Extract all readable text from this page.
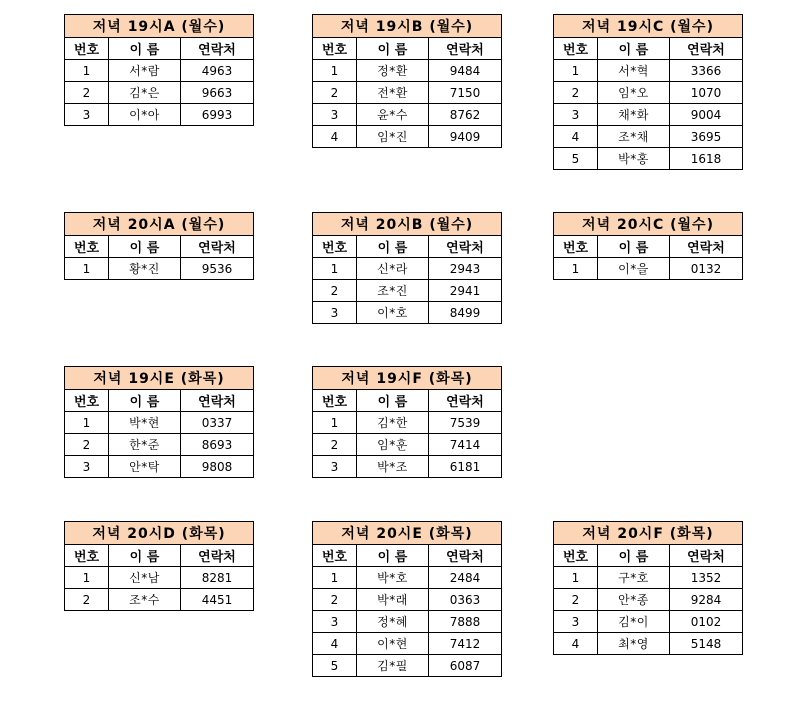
저녁 19시A (월수)		
번호	이 름	연락처
1	서*람	4963
2	김*은	9663
3	이*아	6993
저녁 19시B (월수)		
번호	이 름	연락처
1	정*환	9484
2	전*환	7150
3	윤*수	8762
4	임*진	9409
저녁 19시C (월수)		
번호	이 름	연락처
1	서*혁	3366
2	임*오	1070
3	채*화	9004
4	조*채	3695
5	박*홍	1618
저녁 20시A (월수)		
번호	이 름	연락처
1	황*진	9536
저녁 20시B (월수)		
번호	이 름	연락처
1	신*라	2943
2	조*진	2941
3	이*호	8499
저녁 20시C (월수)		
번호	이 름	연락처
1	이*을	0132
저녁 19시E (화목)		
번호	이 름	연락처
1	박*현	0337
2	한*준	8693
3	안*탁	9808
저녁 19시F (화목)		
번호	이 름	연락처
1	김*한	7539
2	임*훈	7414
3	박*조	6181
저녁 20시D (화목)		
번호	이 름	연락처
1	신*남	8281
2	조*수	4451
저녁 20시E (화목)		
번호	이 름	연락처
1	박*호	2484
2	박*래	0363
3	정*혜	7888
4	이*현	7412
5	김*필	6087
저녁 20시F (화목)		
번호	이 름	연락처
1	구*호	1352
2	안*종	9284
3	김*이	0102
4	최*영	5148
